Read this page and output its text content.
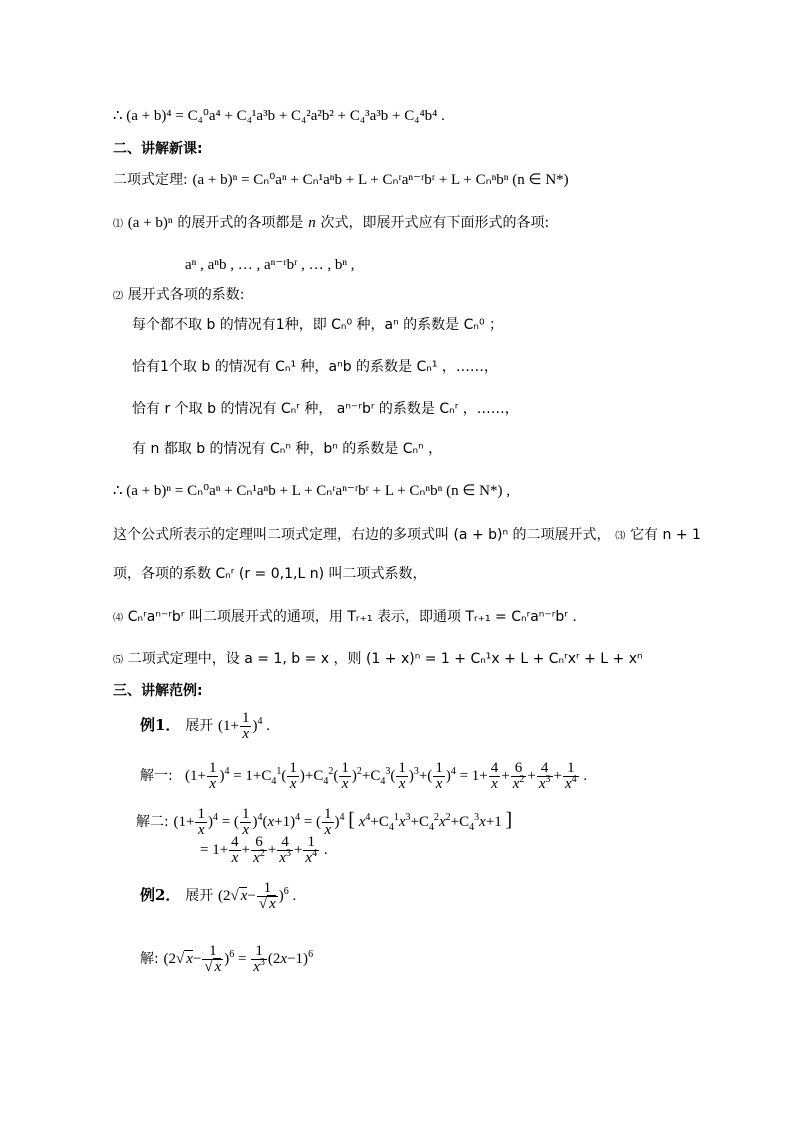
∴ (a + b)⁴ = C₄⁰a⁴ + C₄¹a³b + C₄²a²b² + C₄³a³b + C₄⁴b⁴ .
二、讲解新课:
二项式定理: (a + b)ⁿ = Cₙ⁰aⁿ + Cₙ¹aⁿb + L + Cₙʳaⁿ⁻ʳbʳ + L + Cₙⁿbⁿ (n ∈ N*)
⑴ (a + b)ⁿ 的展开式的各项都是 n 次式，即展开式应有下面形式的各项:
aⁿ , aⁿb , … , aⁿ⁻ʳbʳ , … , bⁿ ,
⑵ 展开式各项的系数:
每个都不取 b 的情况有1种，即 Cₙ⁰ 种，aⁿ 的系数是 Cₙ⁰ ；
恰有1个取 b 的情况有 Cₙ¹ 种，aⁿb 的系数是 Cₙ¹ ，……，
恰有 r 个取 b 的情况有 Cₙʳ 种， aⁿ⁻ʳbʳ 的系数是 Cₙʳ ，……，
有 n 都取 b 的情况有 Cₙⁿ 种，bⁿ 的系数是 Cₙⁿ ，
∴ (a + b)ⁿ = Cₙ⁰aⁿ + Cₙ¹aⁿb + L + Cₙʳaⁿ⁻ʳbʳ + L + Cₙⁿbⁿ (n ∈ N*) ,
这个公式所表示的定理叫二项式定理，右边的多项式叫 (a + b)ⁿ 的二项展开式， ⑶ 它有 n + 1
项，各项的系数 Cₙʳ (r = 0,1,L n) 叫二项式系数，
⑷ Cₙʳaⁿ⁻ʳbʳ 叫二项展开式的通项，用 Tᵣ₊₁ 表示，即通项 Tᵣ₊₁ = Cₙʳaⁿ⁻ʳbʳ .
⑸ 二项式定理中，设 a = 1, b = x ，则 (1 + x)ⁿ = 1 + Cₙ¹x + L + Cₙʳxʳ + L + xⁿ
三、讲解范例:
例1． 展开 $(1+ \frac{1}{x} )^4$ .
解一:   $(1+ \frac{1}{x} )^4 = 1+C_4^1( \frac{1}{x} )+C_4^2( \frac{1}{x} )^2+C_4^3( \frac{1}{x} )^3+( \frac{1}{x} )^4 = 1+ \frac{4}{x} + \frac{6}{x^2} + \frac{4}{x^3} + \frac{1}{x^4}$ .
解二: $(1+ \frac{1}{x} )^4$ = ( $\frac{1}{x} )^4(x+1)^4$ = ( $\frac{1}{x} )^4$ [ $x^4+C_4^1x^3+C_4^2x^2+C_4^3x+1$ ]
= $1+ \frac{4}{x} + \frac{6}{x^2} + \frac{4}{x^3} + \frac{1}{x^4}$ .
例2． 展开 (2√ $x- \frac{1}{√ x} )^6$ .
解: (2√ $x- \frac{1}{√ x} )^6 = \frac{1}{x^3} (2x-1)^6$
